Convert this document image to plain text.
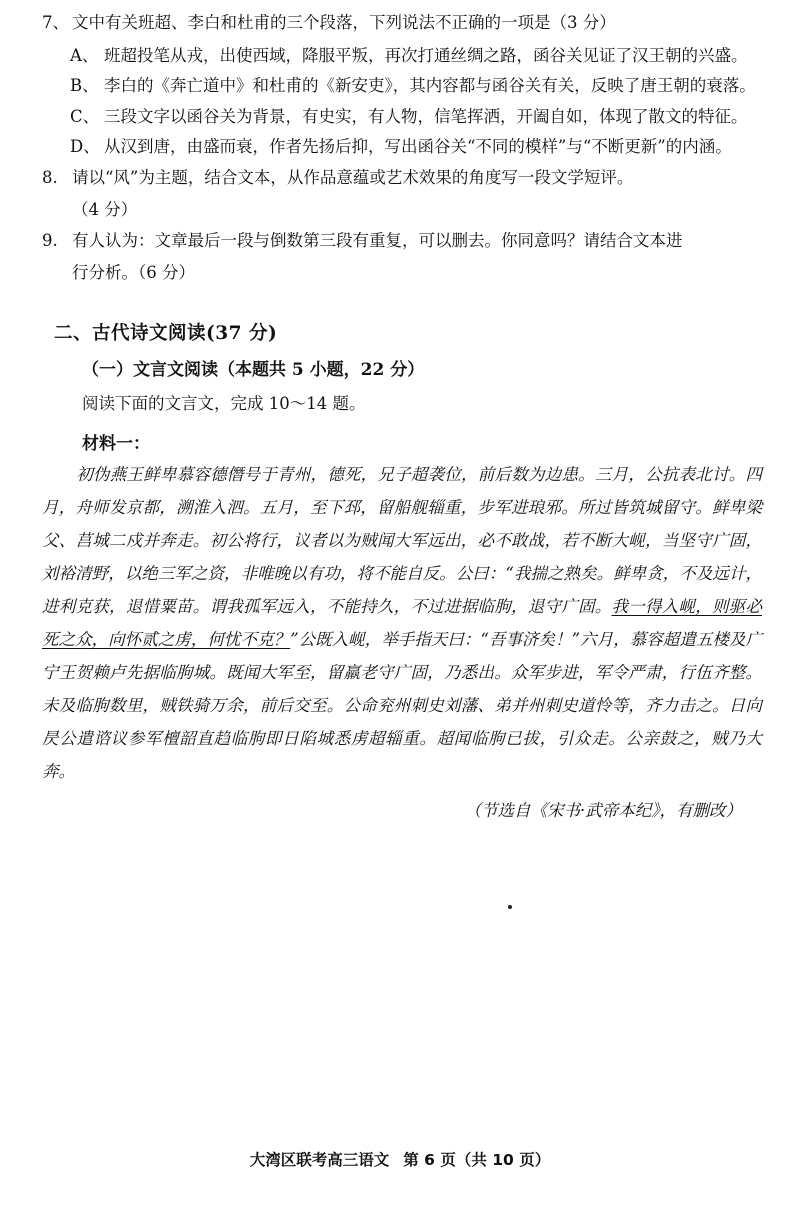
7、 文中有关班超、李白和杜甫的三个段落，下列说法不正确的一项是（3 分）
A、 班超投笔从戎，出使西域，降服平叛，再次打通丝绸之路，函谷关见证了汉王朝的兴盛。
B、 李白的《奔亡道中》和杜甫的《新安吏》，其内容都与函谷关有关，反映了唐王朝的衰落。
C、 三段文字以函谷关为背景，有史实，有人物，信笔挥洒，开阖自如，体现了散文的特征。
D、 从汉到唐，由盛而衰，作者先扬后抑，写出函谷关“不同的模样”与“不断更新”的内涵。
8. 请以“风”为主题，结合文本，从作品意蕴或艺术效果的角度写一段文学短评。
（4 分）
9. 有人认为：文章最后一段与倒数第三段有重复，可以删去。你同意吗？请结合文本进
行分析。（6 分）
二、古代诗文阅读(37 分)
（一）文言文阅读（本题共 5 小题，22 分）
阅读下面的文言文，完成 10～14 题。
材料一：
初伪燕王鲜卑慕容德僭号于青州，德死，兄子超袭位，前后数为边患。三月，公抗表北讨。四月，舟师发京都，溯淮入泗。五月，至下邳，留船舰辎重，步军进琅邪。所过皆筑城留守。鲜卑梁父、莒城二戍并奔走。初公将行，议者以为贼闻大军远出，必不敢战，若不断大岘，当坚守广固，刘裕清野，以绝三军之资，非唯晚以有功，将不能自反。公曰：“我揣之熟矣。鲜卑贪，不及远计，进利克获，退惜粟苗。谓我孤军远入，不能持久，不过进据临朐，退守广固。我一得入岘，则驱必死之众，向怀贰之虏，何忧不克？”公既入岘，举手指天曰：“吾事济矣！”六月，慕容超遣五楼及广宁王贺赖卢先据临朐城。既闻大军至，留羸老守广固，乃悉出。众军步进，军令严肃，行伍齐整。未及临朐数里，贼铁骑万余，前后交至。公命兖州刺史刘藩、弟并州刺史道怜等，齐力击之。日向昃公遣谘议参军檀韶直趋临朐即日陷城悉虏超辎重。超闻临朐已拔，引众走。公亲鼓之，贼乃大奔。
（节选自《宋书·武帝本纪》，有删改）
大湾区联考高三语文 第 6 页（共 10 页）
